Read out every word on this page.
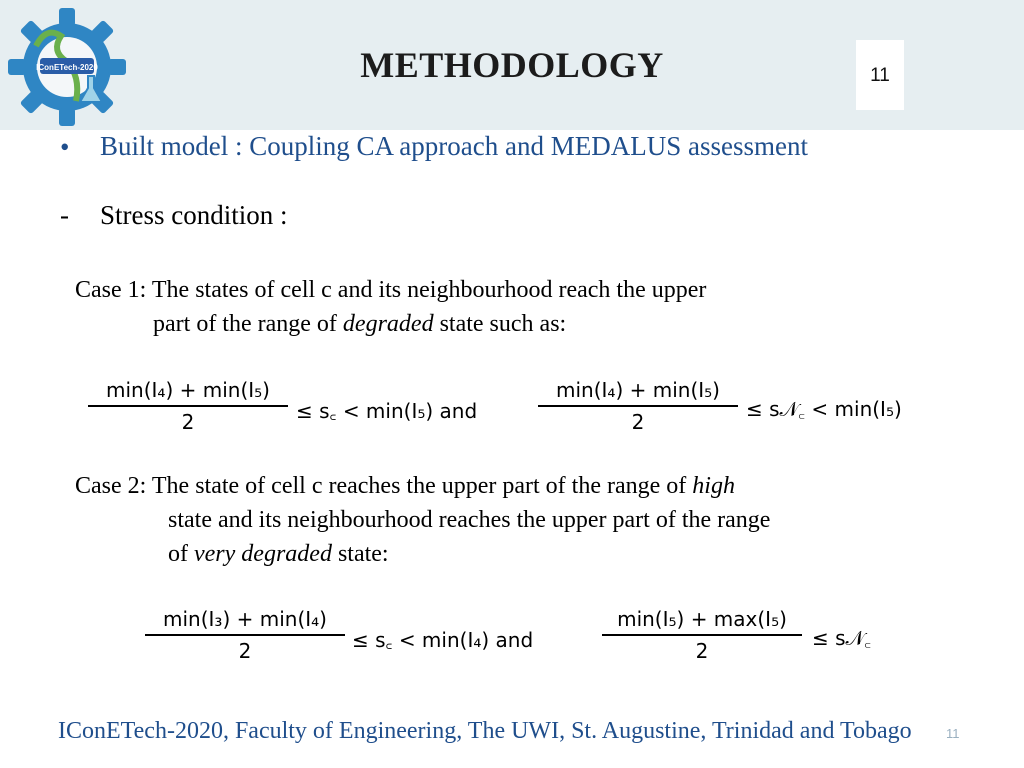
IConETech-2020	METHODOLOGY	11
• Built model : Coupling CA approach and MEDALUS assessment
- Stress condition :
Case 1: The states of cell c and its neighbourhood reach the upper
part of the range of degraded state such as:
min(I₄) + min(I₅)
2	≤ s꜀ < min(I₅) and
min(I₄) + min(I₅)
2
≤ s𝒩꜀ < min(I₅)
Case 2: The state of cell c reaches the upper part of the range of high
state and its neighbourhood reaches the upper part of the range
of very degraded state:
min(I₃) + min(I₄)
2	≤ s꜀ < min(I₄) and
min(I₅) + max(I₅)
2
≤ s𝒩꜀
IConETech-2020, Faculty of Engineering, The UWI, St. Augustine, Trinidad and Tobago	11
